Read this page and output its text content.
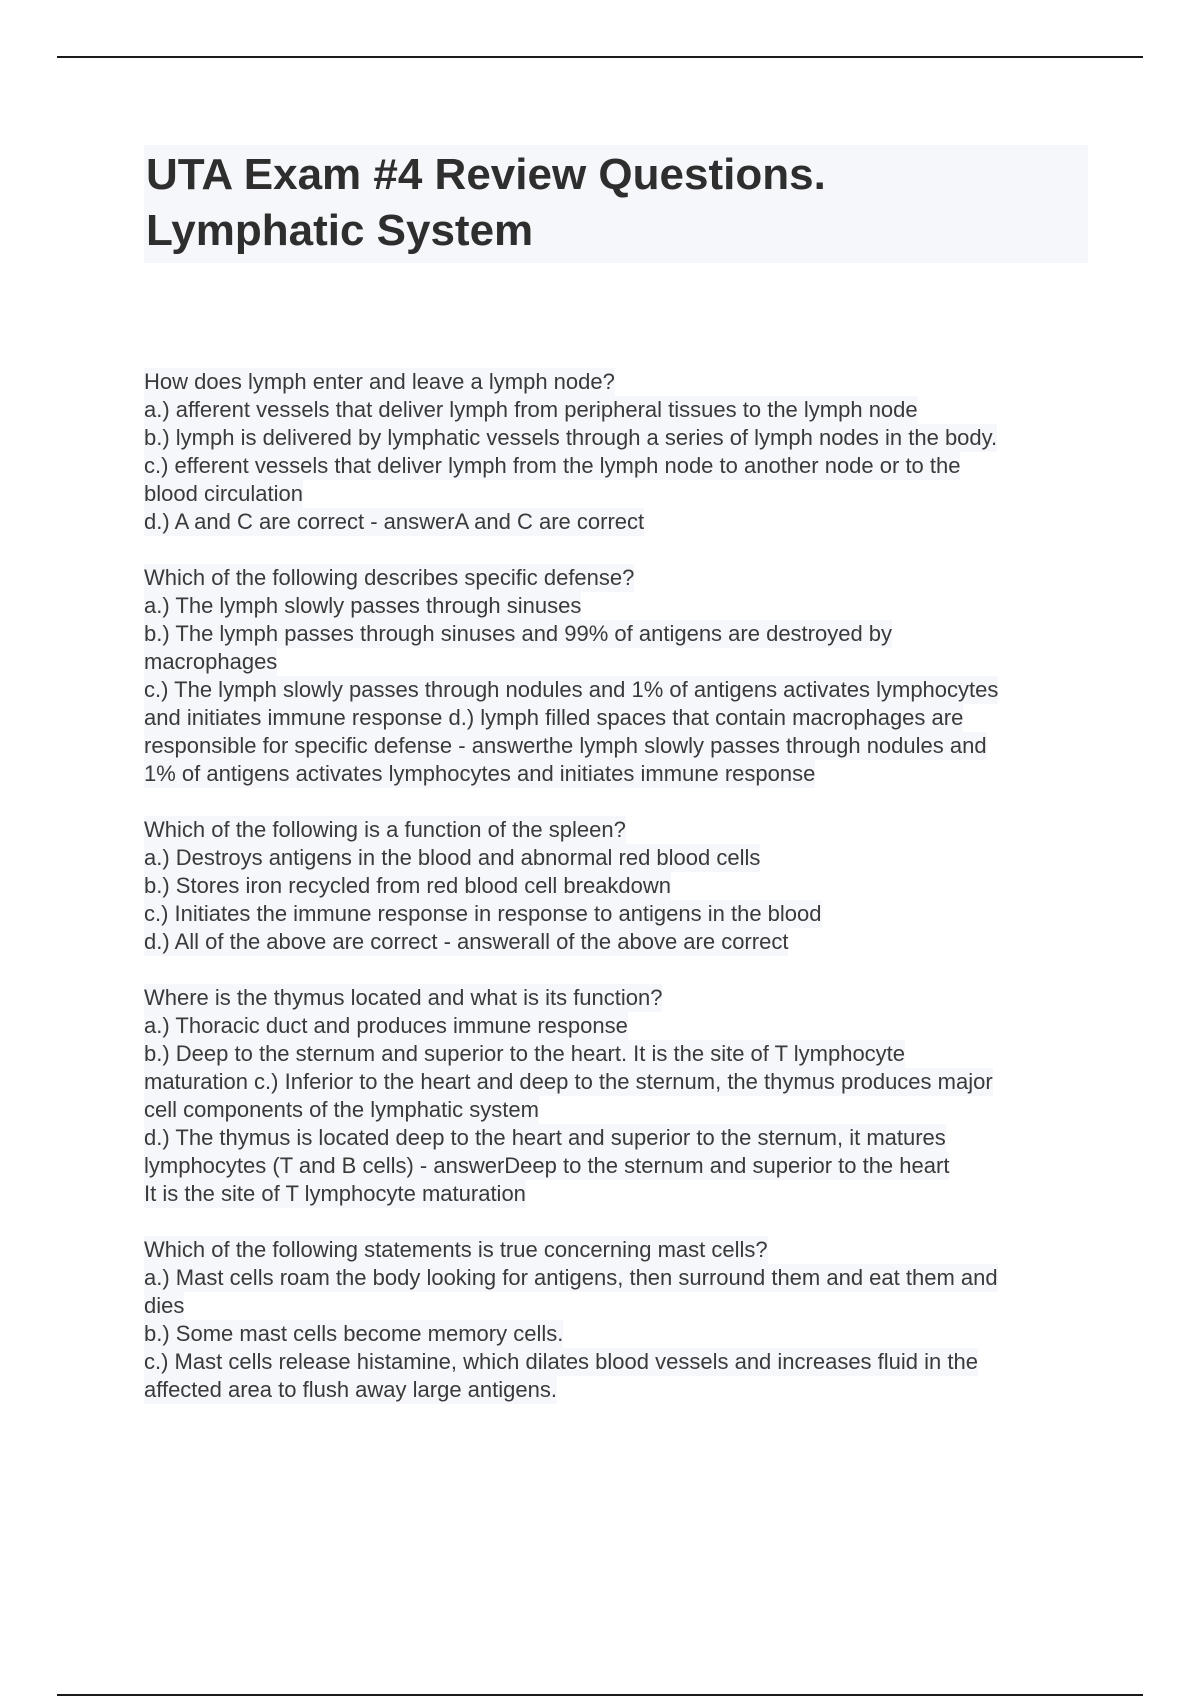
UTA Exam #4 Review Questions.
Lymphatic System
How does lymph enter and leave a lymph node?
a.) afferent vessels that deliver lymph from peripheral tissues to the lymph node
b.) lymph is delivered by lymphatic vessels through a series of lymph nodes in the body.
c.) efferent vessels that deliver lymph from the lymph node to another node or to the
blood circulation
d.) A and C are correct - answerA and C are correct
Which of the following describes specific defense?
a.) The lymph slowly passes through sinuses
b.) The lymph passes through sinuses and 99% of antigens are destroyed by
macrophages
c.) The lymph slowly passes through nodules and 1% of antigens activates lymphocytes
and initiates immune response d.) lymph filled spaces that contain macrophages are
responsible for specific defense - answerthe lymph slowly passes through nodules and
1% of antigens activates lymphocytes and initiates immune response
Which of the following is a function of the spleen?
a.) Destroys antigens in the blood and abnormal red blood cells
b.) Stores iron recycled from red blood cell breakdown
c.) Initiates the immune response in response to antigens in the blood
d.) All of the above are correct - answerall of the above are correct
Where is the thymus located and what is its function?
a.) Thoracic duct and produces immune response
b.) Deep to the sternum and superior to the heart. It is the site of T lymphocyte
maturation c.) Inferior to the heart and deep to the sternum, the thymus produces major
cell components of the lymphatic system
d.) The thymus is located deep to the heart and superior to the sternum, it matures
lymphocytes (T and B cells) - answerDeep to the sternum and superior to the heart
It is the site of T lymphocyte maturation
Which of the following statements is true concerning mast cells?
a.) Mast cells roam the body looking for antigens, then surround them and eat them and
dies
b.) Some mast cells become memory cells.
c.) Mast cells release histamine, which dilates blood vessels and increases fluid in the
affected area to flush away large antigens.
